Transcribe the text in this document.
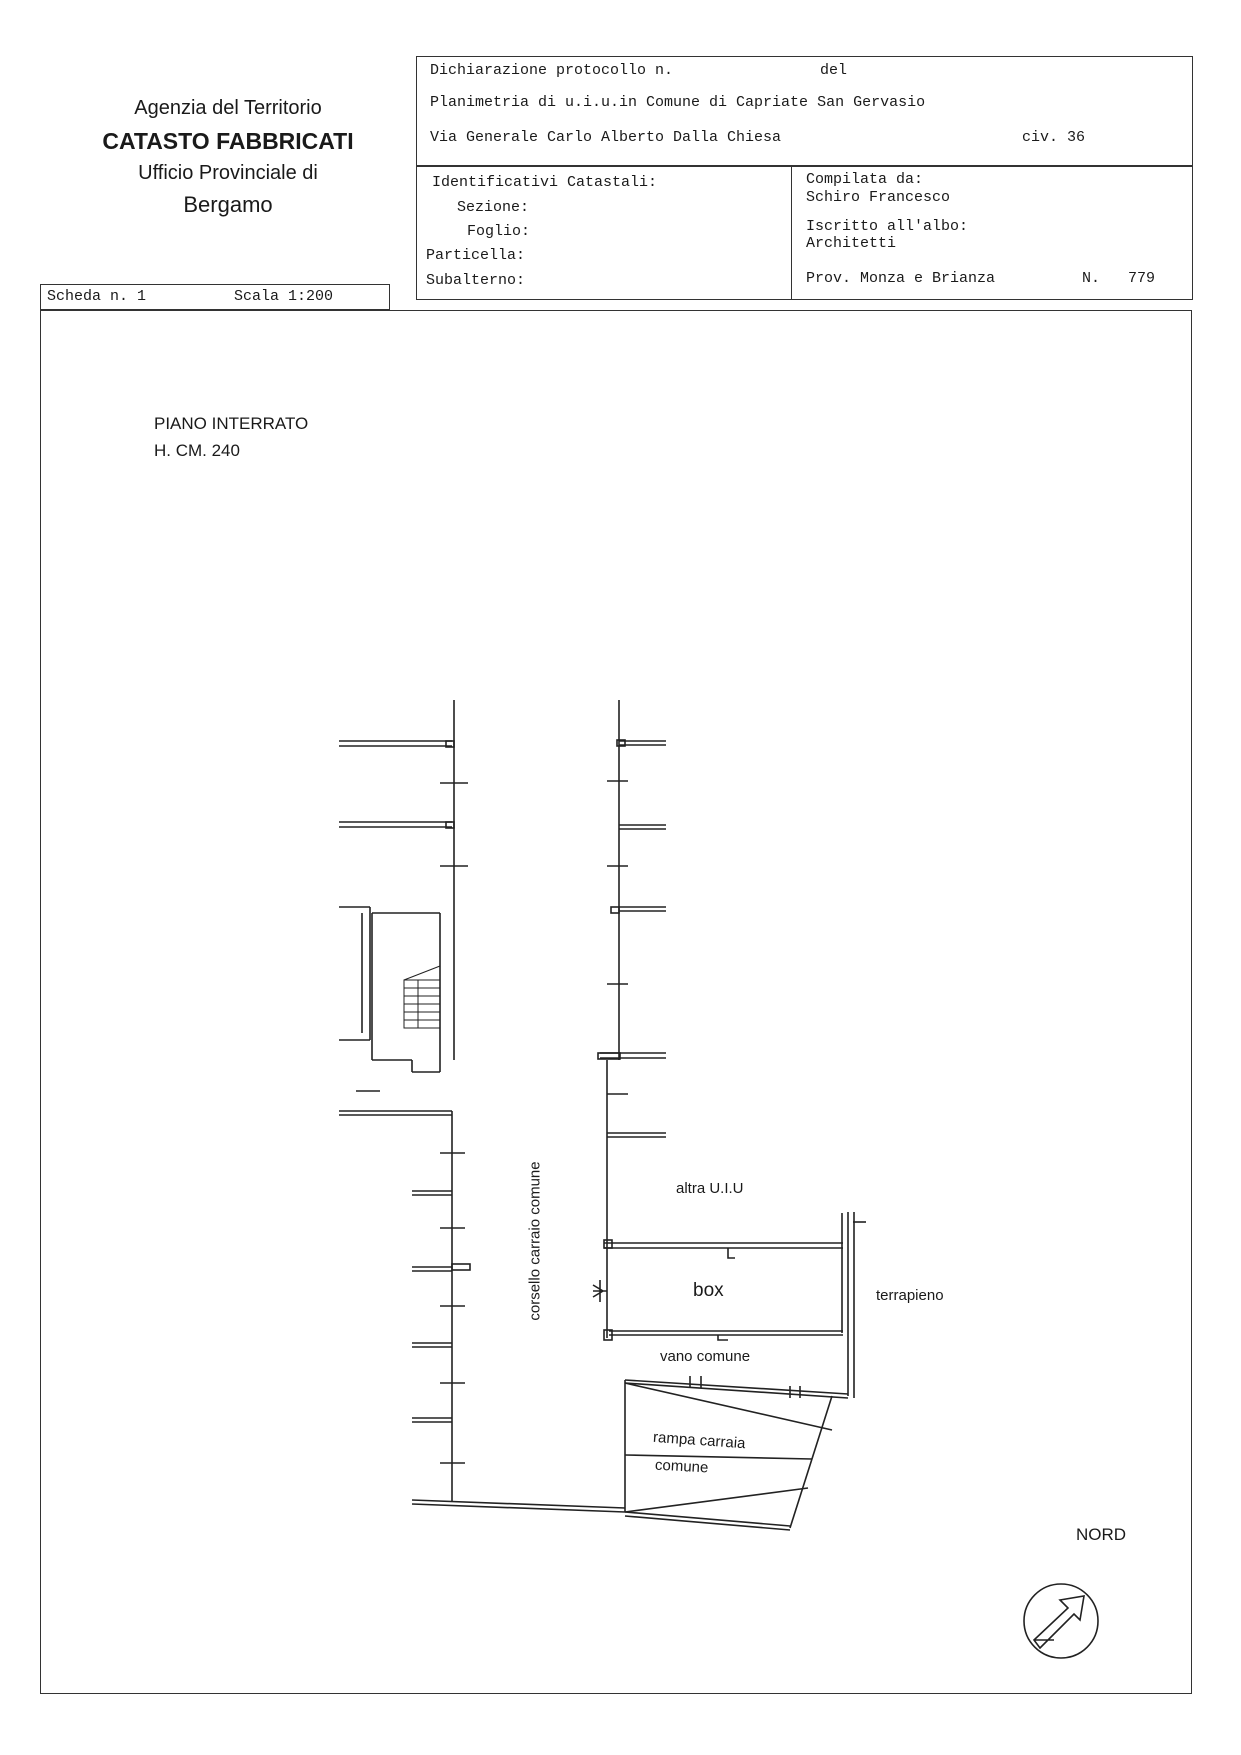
Agenzia del Territorio
CATASTO FABBRICATI
Ufficio Provinciale di
Bergamo
Dichiarazione protocollo n.	del
Planimetria di u.i.u.in Comune di Capriate San Gervasio
Via Generale Carlo Alberto Dalla Chiesa	civ. 36
Identificativi Catastali:
Sezione:
Foglio:
Particella:
Subalterno:
Compilata da:
Schiro Francesco
Iscritto all'albo:
Architetti
Prov. Monza e Brianza	N. 779
Scheda n. 1	Scala 1:200
PIANO INTERRATO
H. CM. 240
altra U.I.U
box	terrapieno
vano comune
corsello carraio comune
rampa carraia
comune
NORD
